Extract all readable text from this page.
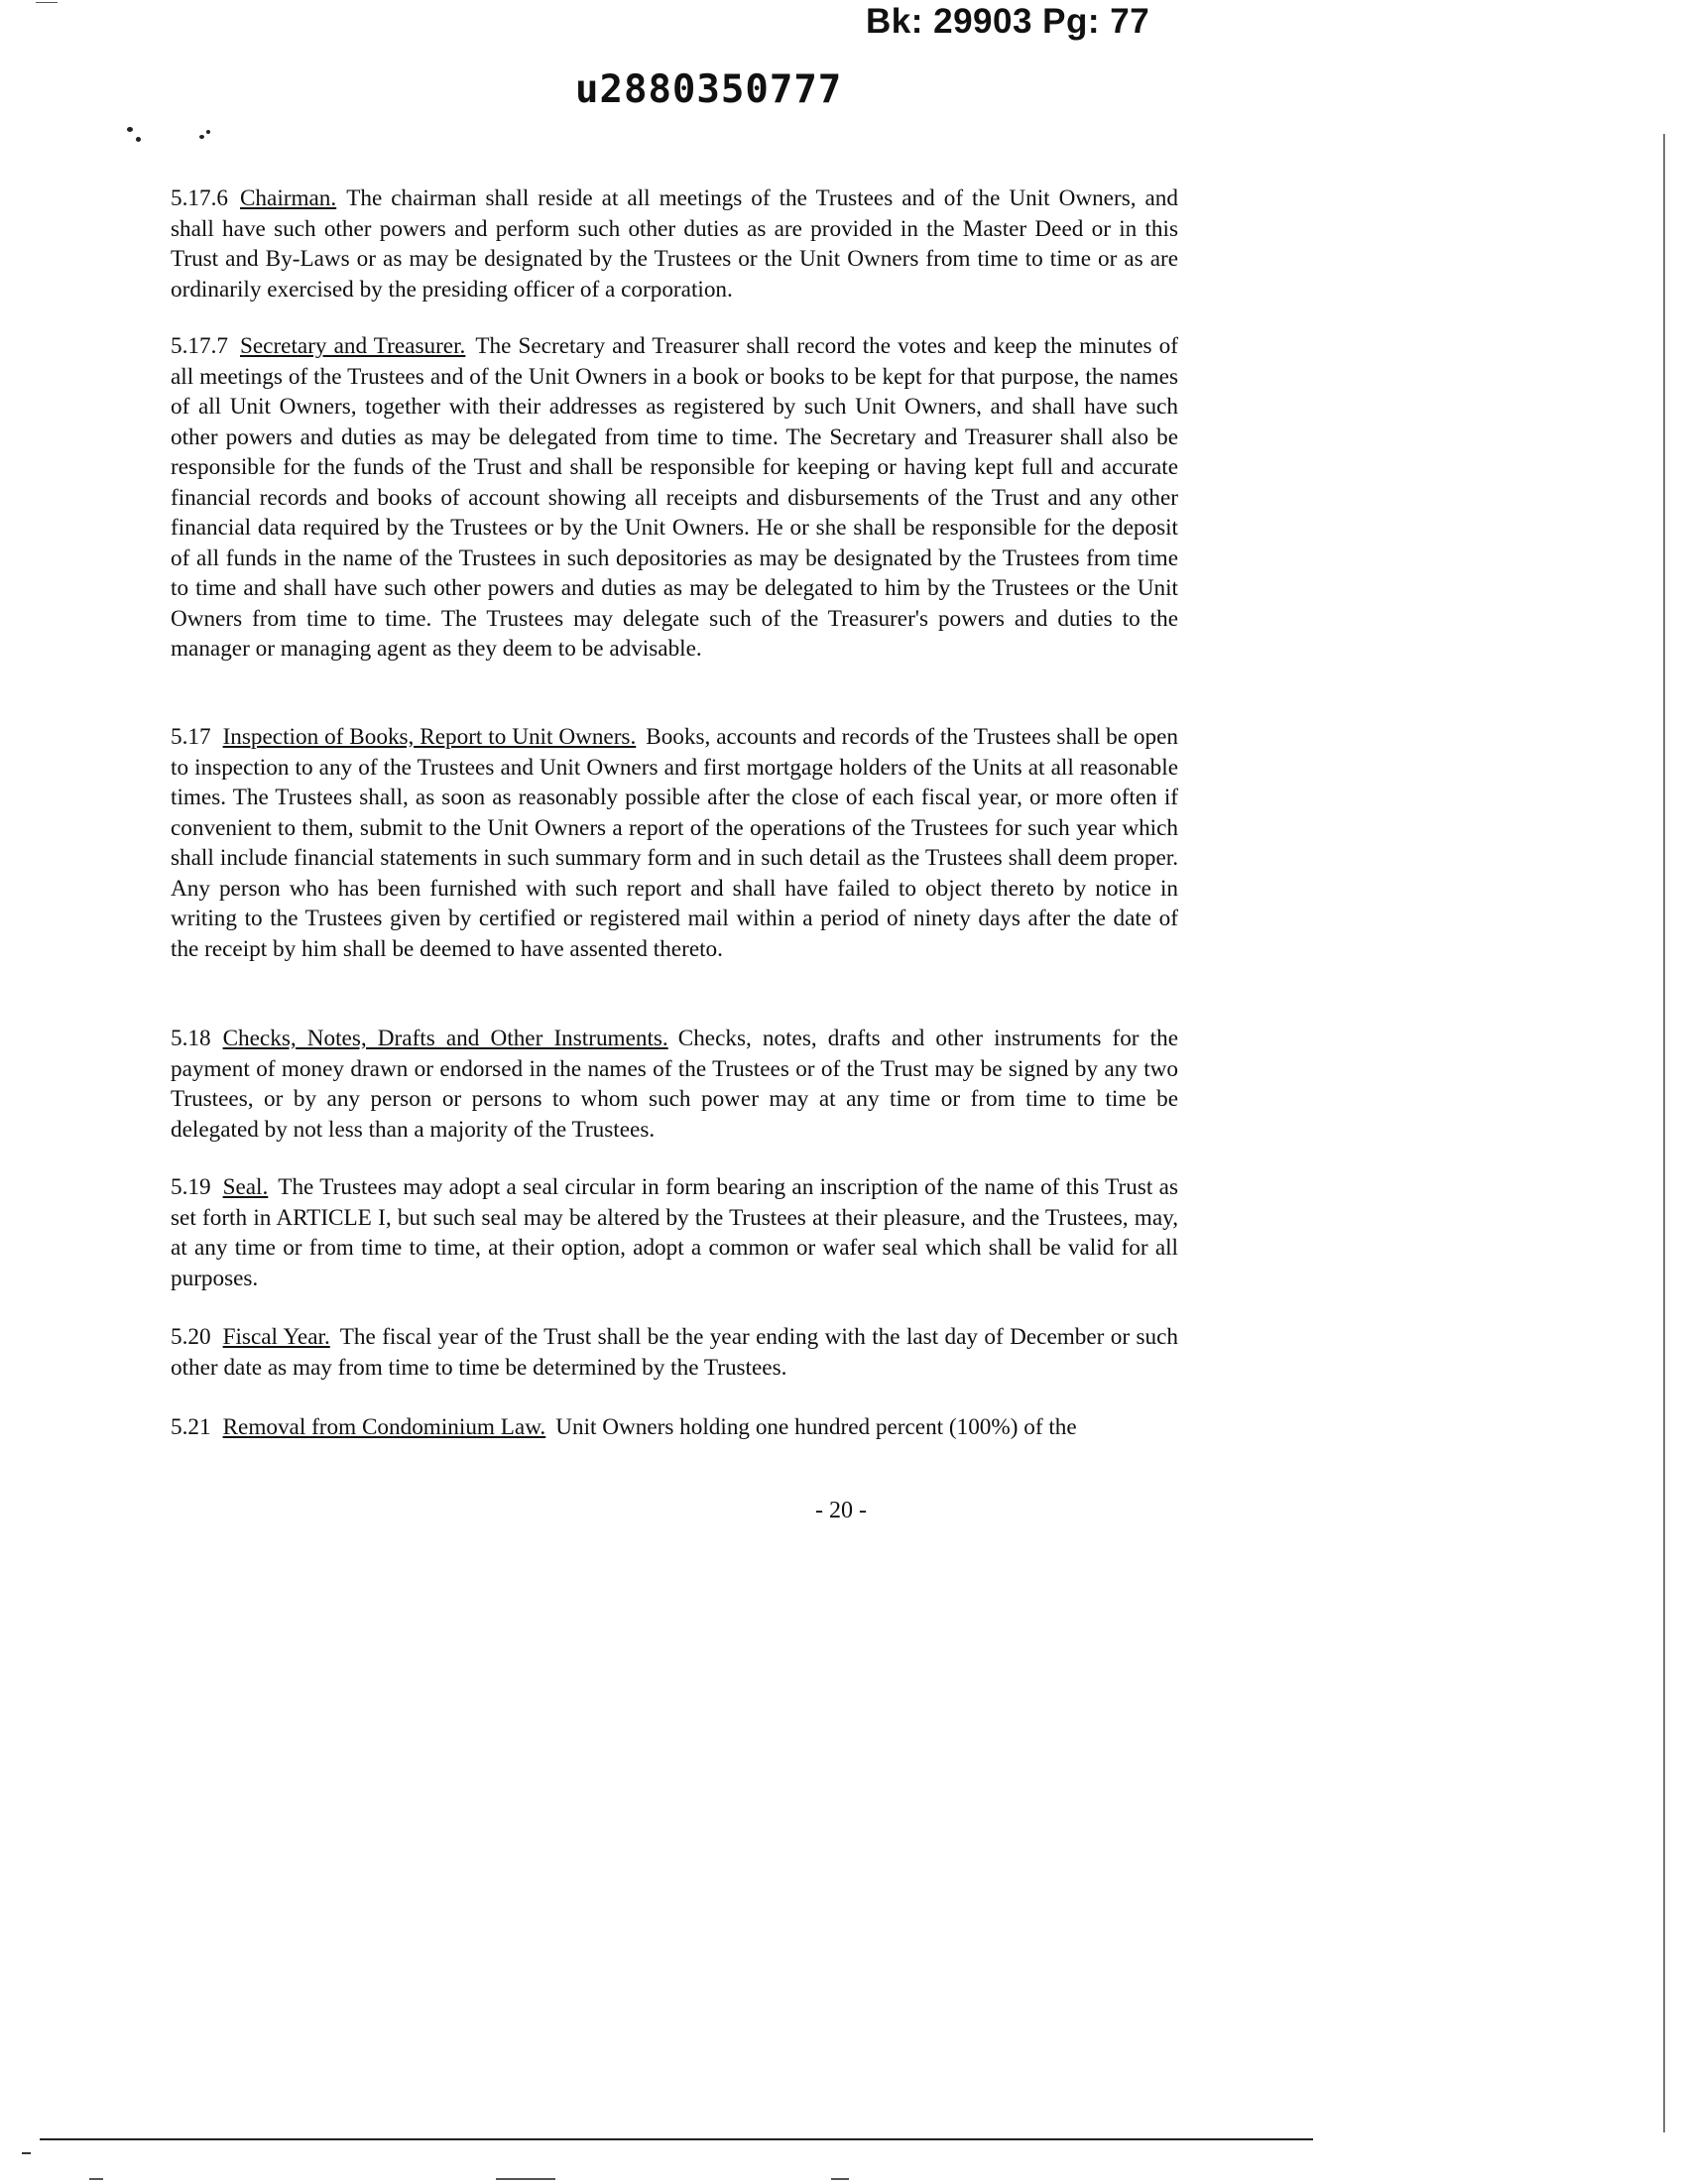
Bk: 29903 Pg: 77
u2880350777
5.17.6 Chairman. The chairman shall reside at all meetings of the Trustees and of the Unit Owners, and shall have such other powers and perform such other duties as are provided in the Master Deed or in this Trust and By-Laws or as may be designated by the Trustees or the Unit Owners from time to time or as are ordinarily exercised by the presiding officer of a corporation.
5.17.7 Secretary and Treasurer. The Secretary and Treasurer shall record the votes and keep the minutes of all meetings of the Trustees and of the Unit Owners in a book or books to be kept for that purpose, the names of all Unit Owners, together with their addresses as registered by such Unit Owners, and shall have such other powers and duties as may be delegated from time to time. The Secretary and Treasurer shall also be responsible for the funds of the Trust and shall be responsible for keeping or having kept full and accurate financial records and books of account showing all receipts and disbursements of the Trust and any other financial data required by the Trustees or by the Unit Owners. He or she shall be responsible for the deposit of all funds in the name of the Trustees in such depositories as may be designated by the Trustees from time to time and shall have such other powers and duties as may be delegated to him by the Trustees or the Unit Owners from time to time. The Trustees may delegate such of the Treasurer's powers and duties to the manager or managing agent as they deem to be advisable.
5.17 Inspection of Books, Report to Unit Owners. Books, accounts and records of the Trustees shall be open to inspection to any of the Trustees and Unit Owners and first mortgage holders of the Units at all reasonable times. The Trustees shall, as soon as reasonably possible after the close of each fiscal year, or more often if convenient to them, submit to the Unit Owners a report of the operations of the Trustees for such year which shall include financial statements in such summary form and in such detail as the Trustees shall deem proper. Any person who has been furnished with such report and shall have failed to object thereto by notice in writing to the Trustees given by certified or registered mail within a period of ninety days after the date of the receipt by him shall be deemed to have assented thereto.
5.18 Checks, Notes, Drafts and Other Instruments. Checks, notes, drafts and other instruments for the payment of money drawn or endorsed in the names of the Trustees or of the Trust may be signed by any two Trustees, or by any person or persons to whom such power may at any time or from time to time be delegated by not less than a majority of the Trustees.
5.19 Seal. The Trustees may adopt a seal circular in form bearing an inscription of the name of this Trust as set forth in ARTICLE I, but such seal may be altered by the Trustees at their pleasure, and the Trustees, may, at any time or from time to time, at their option, adopt a common or wafer seal which shall be valid for all purposes.
5.20 Fiscal Year. The fiscal year of the Trust shall be the year ending with the last day of December or such other date as may from time to time be determined by the Trustees.
5.21 Removal from Condominium Law. Unit Owners holding one hundred percent (100%) of the
- 20 -
